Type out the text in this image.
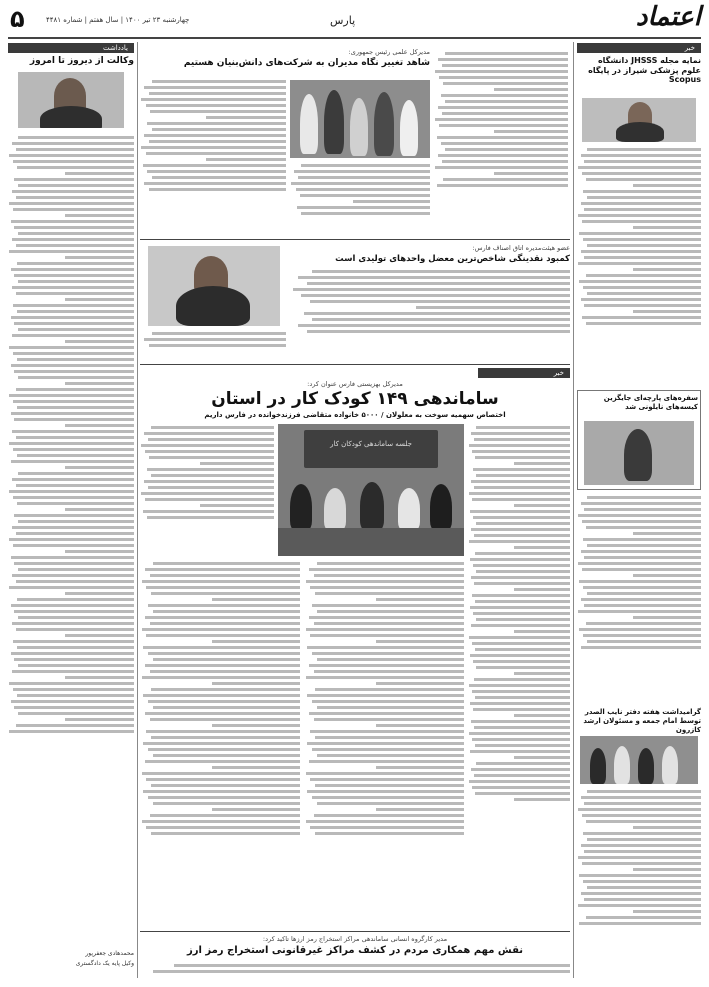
اعتماد
پارس
چهارشنبه ۲۳ تیر ۱۴۰۰ | سال هفتم | شماره ۴۴۸۱
۵
یادداشت
وکالت از دیروز تا امروز
محمدهادی جعفرپور
وکیل پایه یک دادگستری
مدیرکل علمی رئیس جمهوری:
شاهد تغییر نگاه مدیران به شرکت‌های دانش‌بنیان هستیم
عضو هیئت‌مدیره اتاق اصناف فارس:
کمبود نقدینگی شاخص‌ترین معضل واحدهای تولیدی است
خبر
مدیرکل بهزیستی فارس عنوان کرد:
ساماندهی ۱۴۹ کودک کار در استان
اختصاص سهمیه سوخت به معلولان / ۵۰۰۰ خانواده متقاضی فرزندخوانده در فارس داریم
جلسه ساماندهی کودکان کار
مدیر کارگروه انسانی ساماندهی مراکز استخراج رمز ارزها تاکید کرد:
نقش مهم همکاری مردم در کشف مراکز غیرقانونی استخراج رمز ارز
خبر
نمایه مجله JHSSS دانشگاه علوم پزشکی شیراز در پایگاه Scopus
سفره‌های پارچه‌ای جایگزین کیسه‌های نایلونی شد
گرامیداشت هفته دفتر نایب الصدر توسط امام جمعه و مسئولان ارشد کازرون
